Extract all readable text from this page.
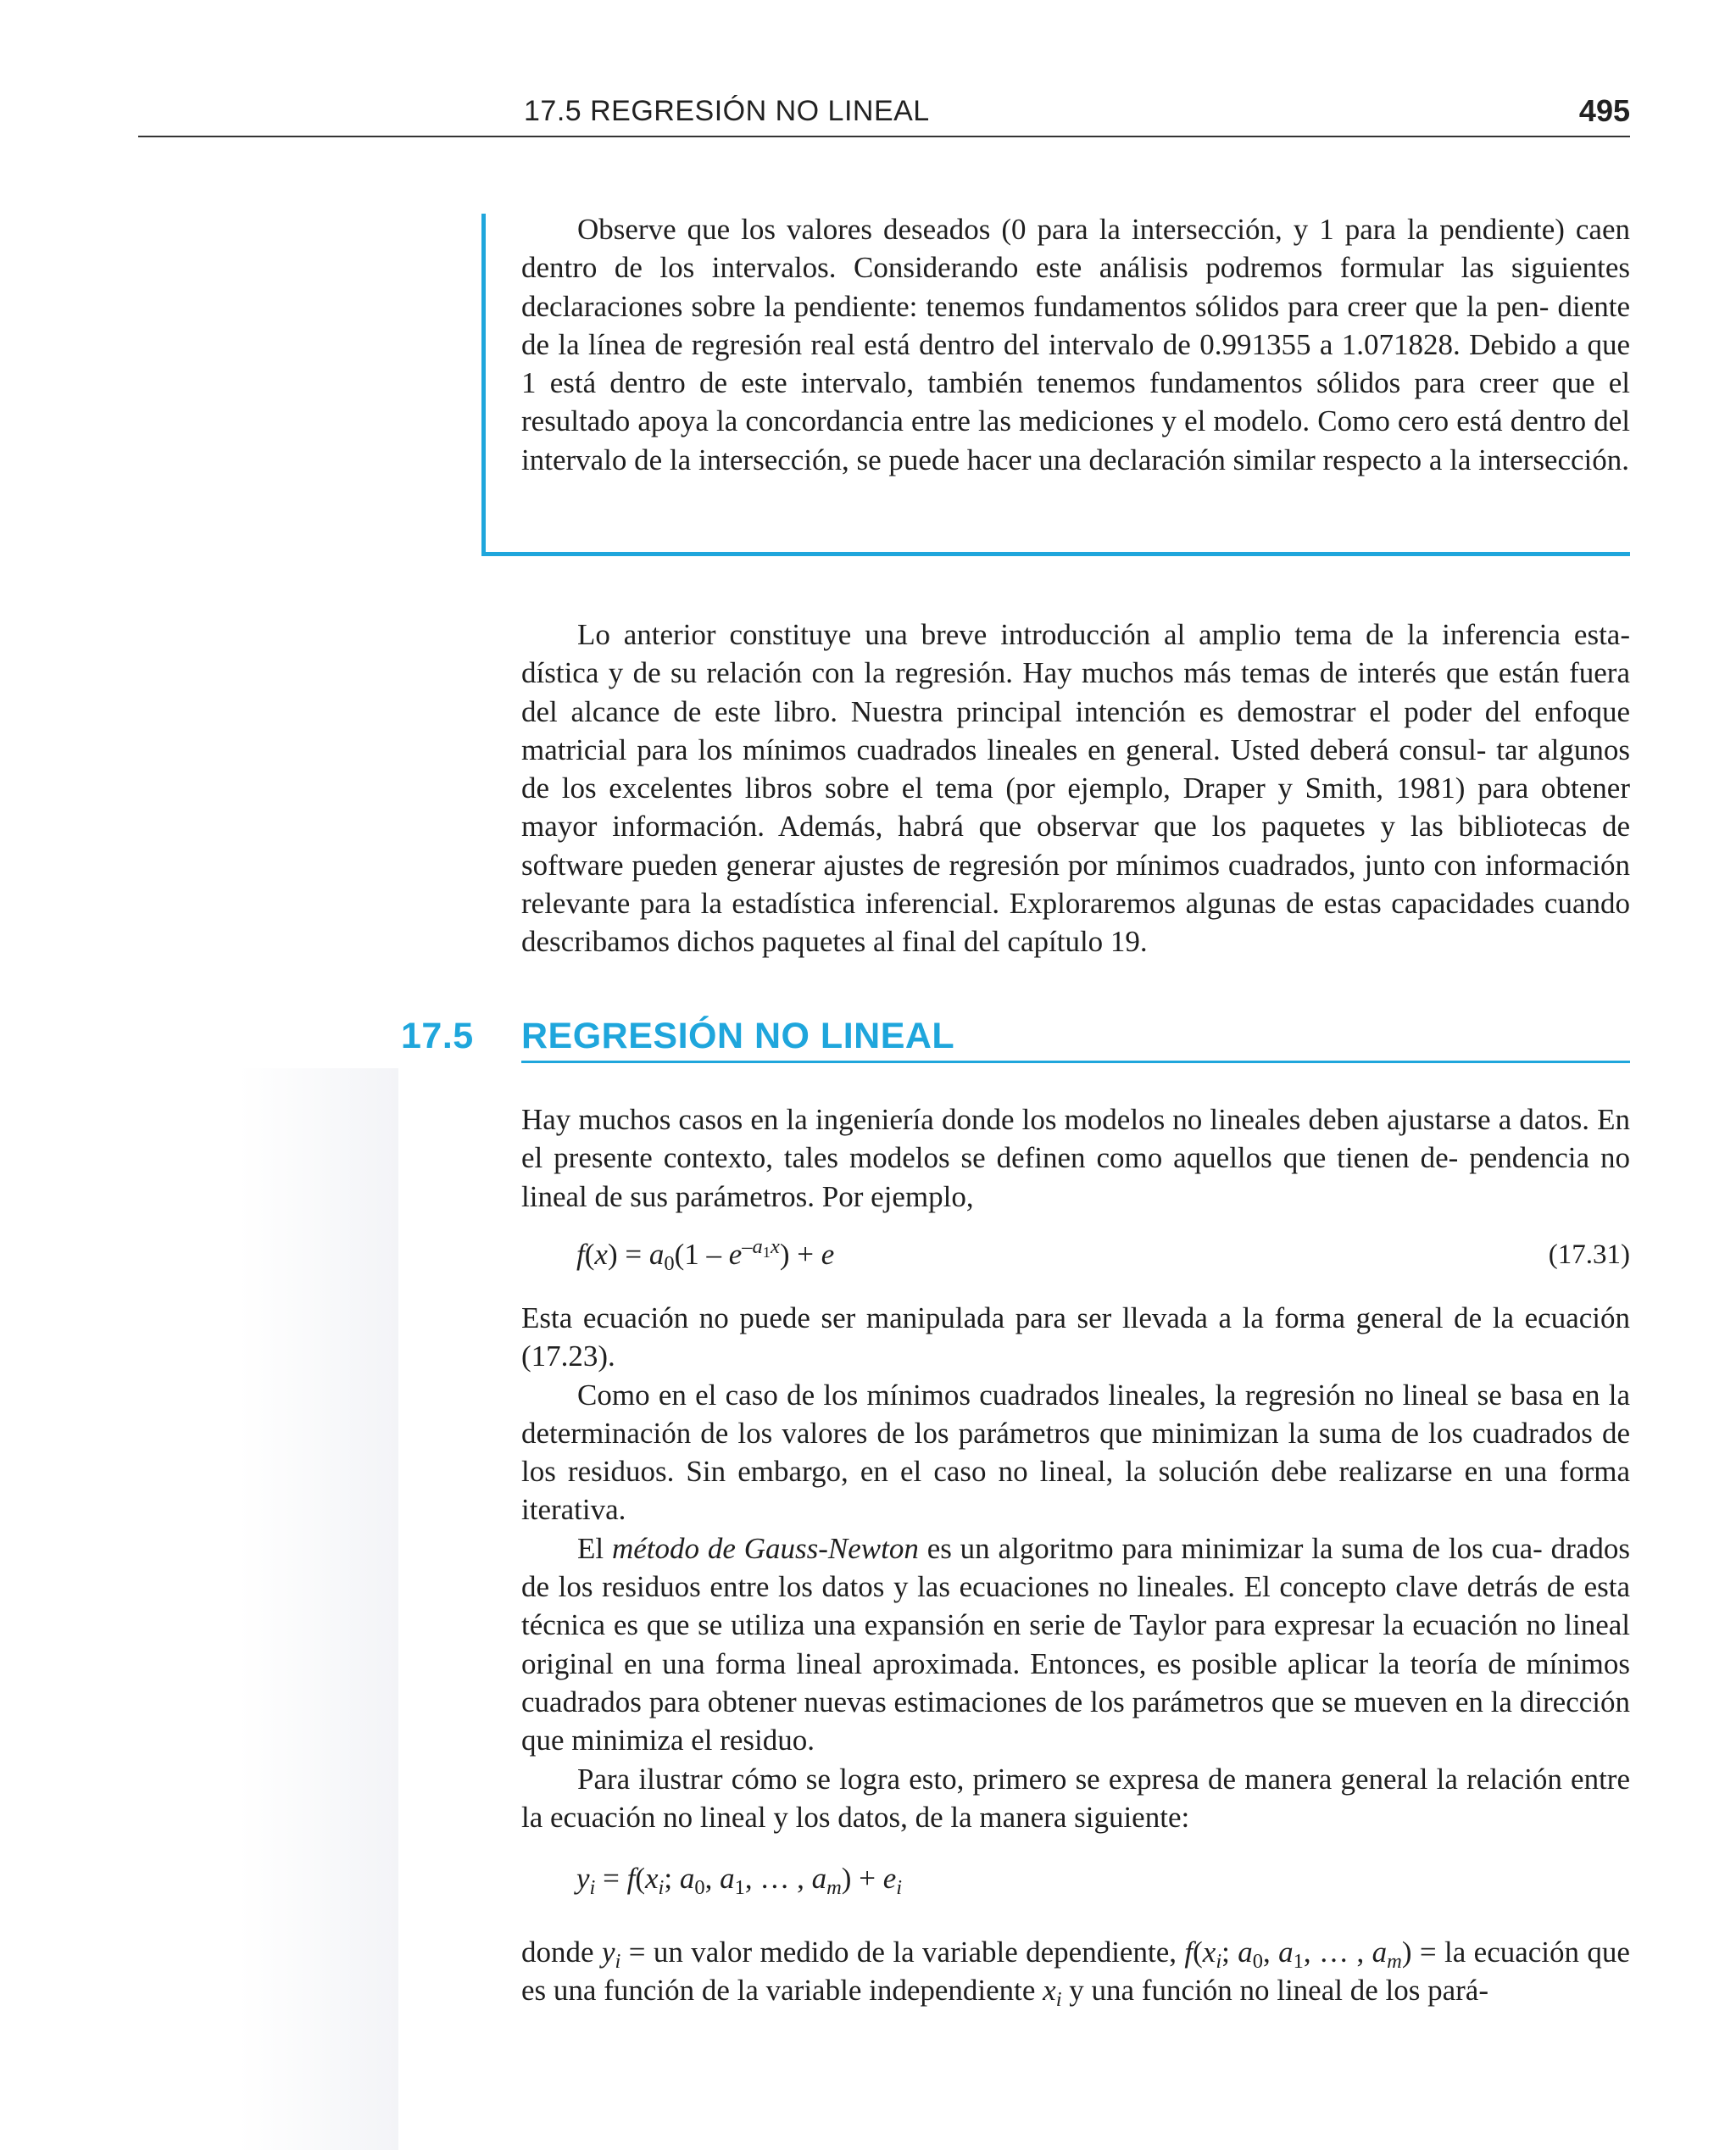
17.5 REGRESIÓN NO LINEAL	495

Observe que los valores deseados (0 para la intersección, y 1 para la pendiente) caen dentro de los intervalos. Considerando este análisis podremos formular las siguientes declaraciones sobre la pendiente: tenemos fundamentos sólidos para creer que la pen- diente de la línea de regresión real está dentro del intervalo de 0.991355 a 1.071828. Debido a que 1 está dentro de este intervalo, también tenemos fundamentos sólidos para creer que el resultado apoya la concordancia entre las mediciones y el modelo. Como cero está dentro del intervalo de la intersección, se puede hacer una declaración similar respecto a la intersección.

Lo anterior constituye una breve introducción al amplio tema de la inferencia esta- dística y de su relación con la regresión. Hay muchos más temas de interés que están fuera del alcance de este libro. Nuestra principal intención es demostrar el poder del enfoque matricial para los mínimos cuadrados lineales en general. Usted deberá consul- tar algunos de los excelentes libros sobre el tema (por ejemplo, Draper y Smith, 1981) para obtener mayor información. Además, habrá que observar que los paquetes y las bibliotecas de software pueden generar ajustes de regresión por mínimos cuadrados, junto con información relevante para la estadística inferencial. Exploraremos algunas de estas capacidades cuando describamos dichos paquetes al final del capítulo 19.

17.5 REGRESIÓN NO LINEAL

Hay muchos casos en la ingeniería donde los modelos no lineales deben ajustarse a datos. En el presente contexto, tales modelos se definen como aquellos que tienen de- pendencia no lineal de sus parámetros. Por ejemplo,

$f(x) = a_0(1 - e^{-a_1x}) + e$	(17.31)

Esta ecuación no puede ser manipulada para ser llevada a la forma general de la ecuación (17.23).

Como en el caso de los mínimos cuadrados lineales, la regresión no lineal se basa en la determinación de los valores de los parámetros que minimizan la suma de los cuadrados de los residuos. Sin embargo, en el caso no lineal, la solución debe realizarse en una forma iterativa.

El método de Gauss-Newton es un algoritmo para minimizar la suma de los cua- drados de los residuos entre los datos y las ecuaciones no lineales. El concepto clave detrás de esta técnica es que se utiliza una expansión en serie de Taylor para expresar la ecuación no lineal original en una forma lineal aproximada. Entonces, es posible aplicar la teoría de mínimos cuadrados para obtener nuevas estimaciones de los parámetros que se mueven en la dirección que minimiza el residuo.

Para ilustrar cómo se logra esto, primero se expresa de manera general la relación entre la ecuación no lineal y los datos, de la manera siguiente:

$y_i = f(x_i$; $a_0$, $a_1$, … , $a_m) + e_i$

donde $y_i$ = un valor medido de la variable dependiente, $f(x_i$; $a_0$, $a_1$, … , $a_m$) = la ecuación que es una función de la variable independiente $x_i$ y una función no lineal de los pará-
